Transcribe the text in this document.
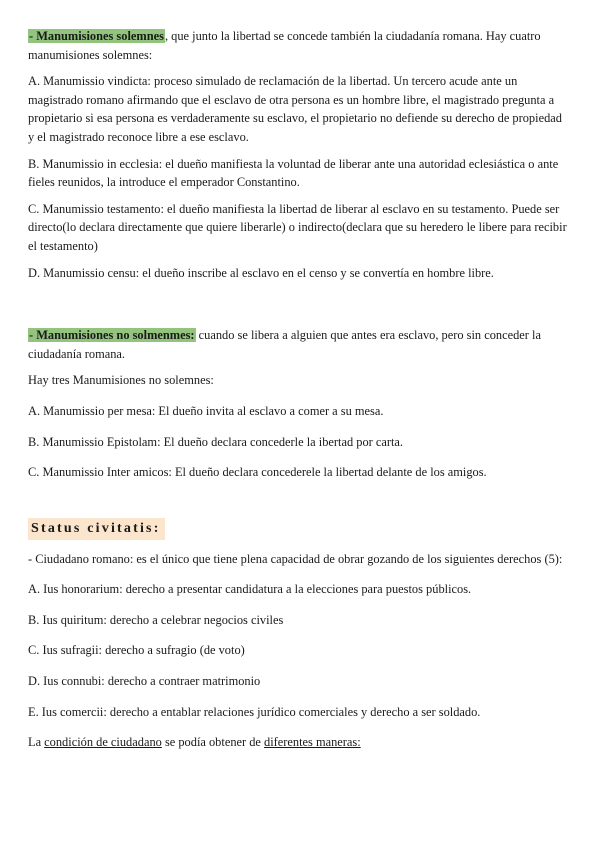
- Manumisiones solemnes, que junto la libertad se concede también la ciudadanía romana. Hay cuatro manumisiones solemnes:

A. Manumissio vindicta: proceso simulado de reclamación de la libertad. Un tercero acude ante un magistrado romano afirmando que el esclavo de otra persona es un hombre libre, el magistrado pregunta a propietario si esa persona es verdaderamente su esclavo, el propietario no defiende su derecho de propiedad y el magistrado reconoce libre a ese esclavo.

B. Manumissio in ecclesia: el dueño manifiesta la voluntad de liberar ante una autoridad eclesiástica o ante fieles reunidos, la introduce el emperador Constantino.

C. Manumissio testamento: el dueño manifiesta la libertad de liberar al esclavo en su testamento. Puede ser directo(lo declara directamente que quiere liberarle) o indirecto(declara que su heredero le libere para recibir el testamento)

D. Manumissio censu: el dueño inscribe al esclavo en el censo y se convertía en hombre libre.

- Manumisiones no solmenmes: cuando se libera a alguien que antes era esclavo, pero sin conceder la ciudadanía romana.

Hay tres Manumisiones no solemnes:

A. Manumissio per mesa: El dueño invita al esclavo a comer a su mesa.

B. Manumissio Epistolam: El dueño declara concederle la ibertad por carta.

C. Manumissio Inter amicos: El dueño declara concederele la libertad delante de los amigos.

Status civitatis:

- Ciudadano romano: es el único que tiene plena capacidad de obrar gozando de los siguientes derechos (5):

A. Ius honorarium: derecho a presentar candidatura a la elecciones para puestos públicos.

B. Ius quiritum: derecho a celebrar negocios civiles

C. Ius sufragii: derecho a sufragio (de voto)

D. Ius connubi: derecho a contraer matrimonio

E. Ius comercii: derecho a entablar relaciones jurídico comerciales y derecho a ser soldado.

La condición de ciudadano se podía obtener de diferentes maneras:
